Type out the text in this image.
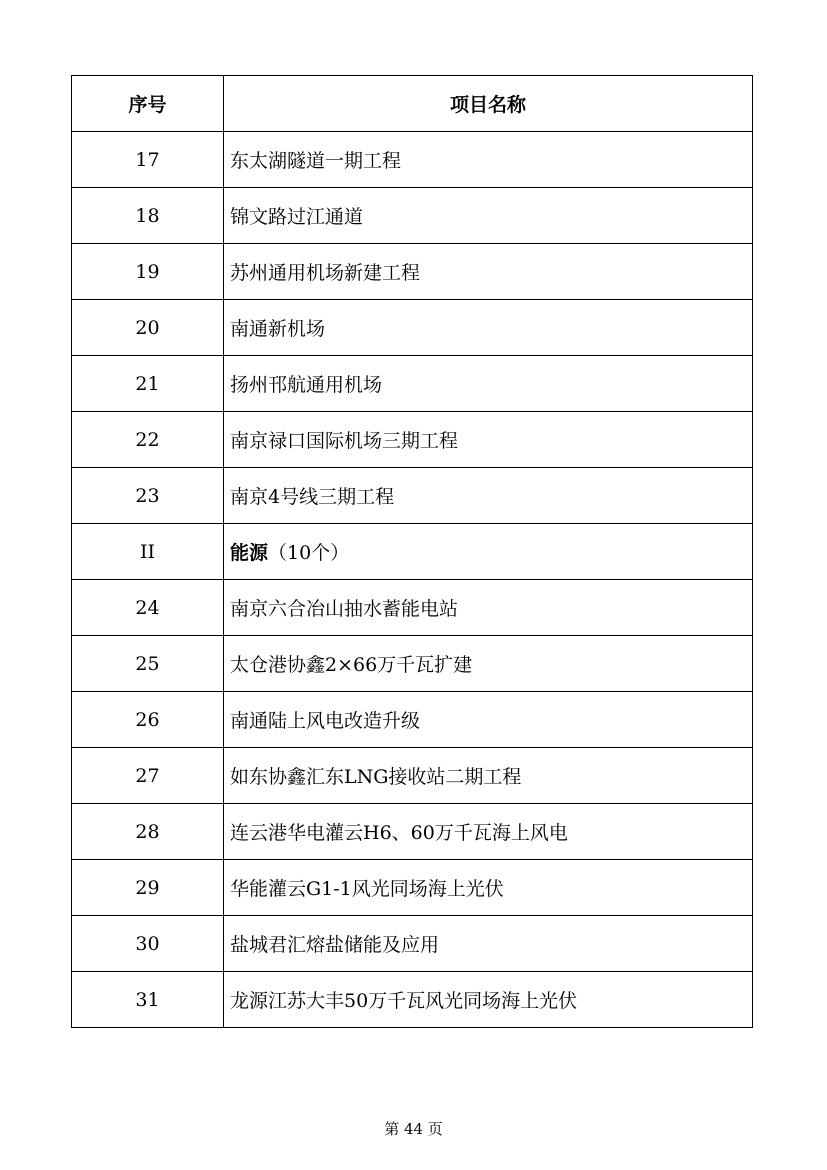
序号	项目名称
17	东太湖隧道一期工程
18	锦文路过江通道
19	苏州通用机场新建工程
20	南通新机场
21	扬州邗航通用机场
22	南京禄口国际机场三期工程
23	南京4号线三期工程
II	能源（10个）
24	南京六合冶山抽水蓄能电站
25	太仓港协鑫2×66万千瓦扩建
26	南通陆上风电改造升级
27	如东协鑫汇东LNG接收站二期工程
28	连云港华电灌云H6、60万千瓦海上风电
29	华能灌云G1-1风光同场海上光伏
30	盐城君汇熔盐储能及应用
31	龙源江苏大丰50万千瓦风光同场海上光伏
第 44 页
